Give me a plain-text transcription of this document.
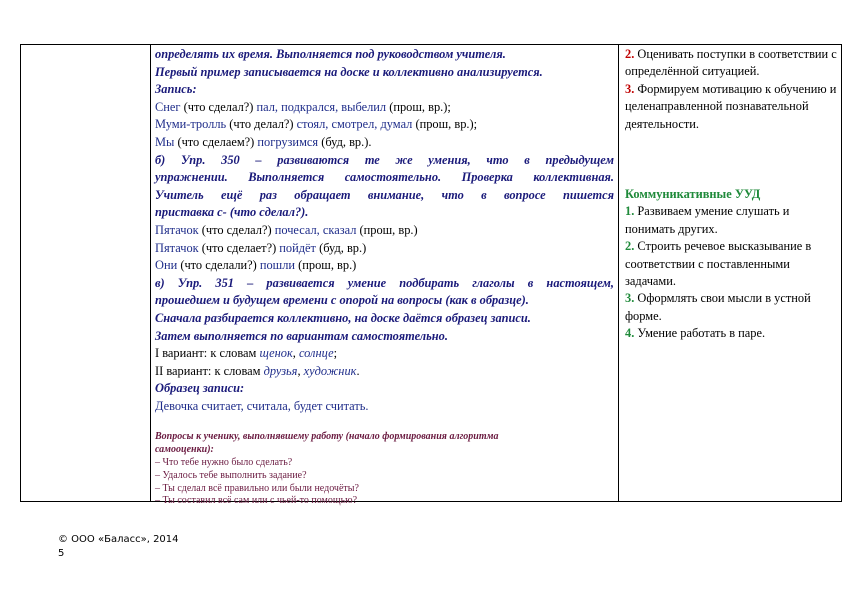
определять их время. Выполняется под руководством учителя.

Первый пример записывается на доске и коллективно анализируется.

Запись:

Снег (что сделал?) пал, подкрался, выбелил (прош, вр.);

Муми-тролль (что делал?) стоял, смотрел, думал (прош, вр.);

Мы (что сделаем?) погрузимся (буд, вр.).

б) Упр. 350 – развиваются те же умения, что в предыдущем

упражнении. Выполняется самостоятельно. Проверка коллективная.

Учитель ещё раз обращает внимание, что в вопросе пишется

приставка с- (что сделал?).

Пятачок (что сделал?) почесал, сказал (прош, вр.)

Пятачок (что сделает?) пойдёт (буд, вр.)

Они (что сделали?) пошли (прош, вр.)

в) Упр. 351 – развивается умение подбирать глаголы в настоящем,

прошедшем и будущем времени с опорой на вопросы (как в образце).

Сначала разбирается коллективно, на доске даётся образец записи.

Затем выполняется по вариантам самостоятельно.

I вариант: к словам щенок, солнце;

II вариант: к словам друзья, художник.

Образец записи:

Девочка считает, считала, будет считать.

Вопросы к ученику, выполнявшему работу (начало формирования алгоритма
самооценки):
– Что тебе нужно было сделать?
– Удалось тебе выполнить задание?
– Ты сделал всё правильно или были недочёты?
– Ты составил всё сам или с чьей-то помощью?

2. Оценивать поступки в соответствии с

определённой ситуацией.

3. Формируем мотивацию к обучению и

целенаправленной познавательной

деятельности.

Коммуникативные УУД

1. Развиваем умение слушать и

понимать других.

2. Строить речевое высказывание в

соответствии с поставленными

задачами.

3. Оформлять свои мысли в устной

форме.

4. Умение работать в паре.

© ООО «Баласс», 2014
5
